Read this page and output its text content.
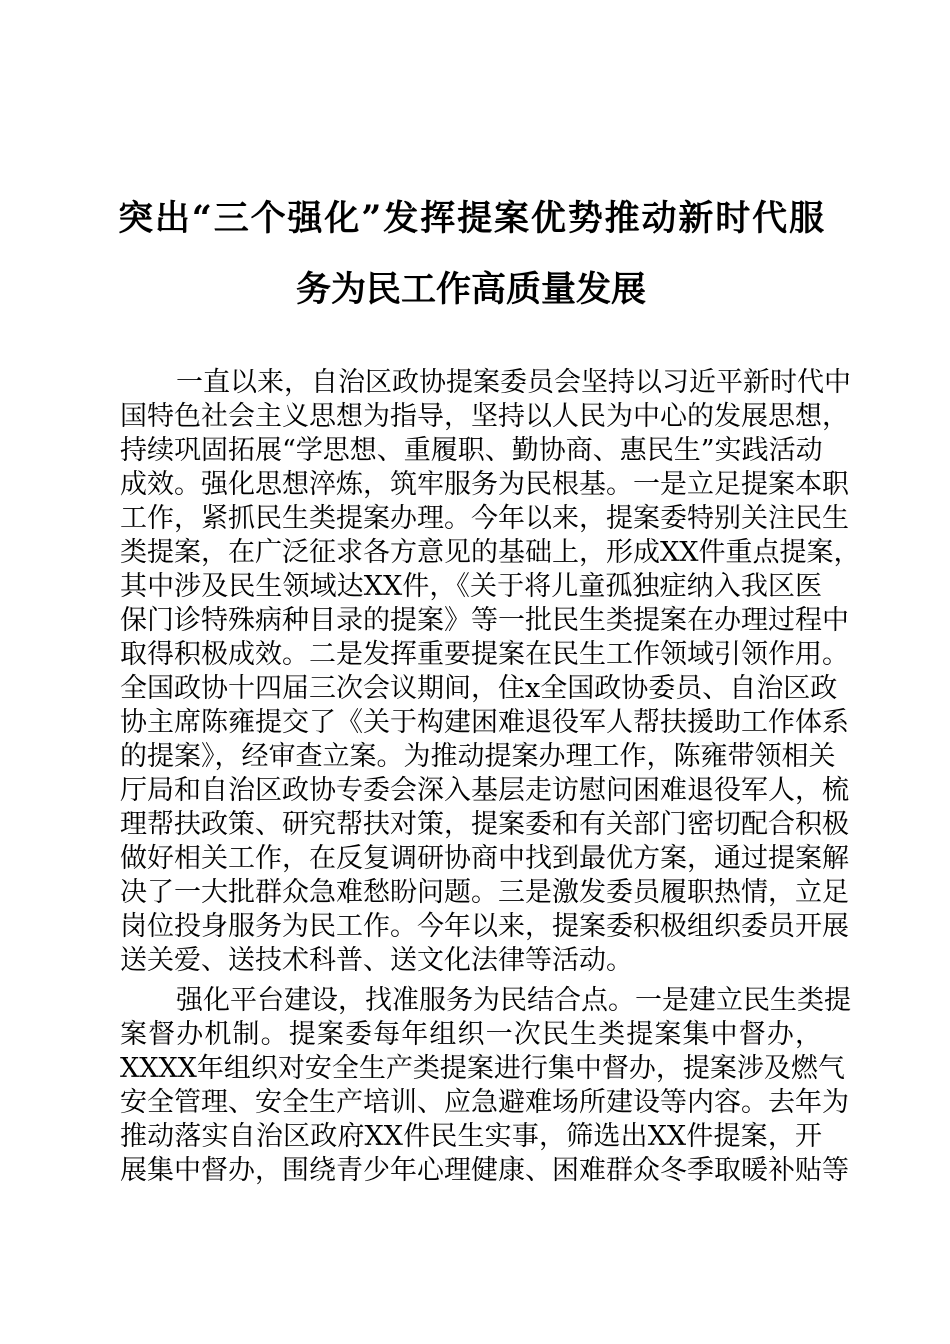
突出“三个强化”发挥提案优势推动新时代服
务为民工作高质量发展
一直以来，自治区政协提案委员会坚持以习近平新时代中
国特色社会主义思想为指导，坚持以人民为中心的发展思想，
持续巩固拓展“学思想、重履职、勤协商、惠民生”实践活动
成效。强化思想淬炼，筑牢服务为民根基。一是立足提案本职
工作，紧抓民生类提案办理。今年以来，提案委特别关注民生
类提案，在广泛征求各方意见的基础上，形成XX件重点提案，
其中涉及民生领域达XX件，《关于将儿童孤独症纳入我区医
保门诊特殊病种目录的提案》等一批民生类提案在办理过程中
取得积极成效。二是发挥重要提案在民生工作领域引领作用。
全国政协十四届三次会议期间，住x全国政协委员、自治区政
协主席陈雍提交了《关于构建困难退役军人帮扶援助工作体系
的提案》，经审查立案。为推动提案办理工作，陈雍带领相关
厅局和自治区政协专委会深入基层走访慰问困难退役军人，梳
理帮扶政策、研究帮扶对策，提案委和有关部门密切配合积极
做好相关工作，在反复调研协商中找到最优方案，通过提案解
决了一大批群众急难愁盼问题。三是激发委员履职热情，立足
岗位投身服务为民工作。今年以来，提案委积极组织委员开展
送关爱、送技术科普、送文化法律等活动。
强化平台建设，找准服务为民结合点。一是建立民生类提
案督办机制。提案委每年组织一次民生类提案集中督办，
XXXX年组织对安全生产类提案进行集中督办，提案涉及燃气
安全管理、安全生产培训、应急避难场所建设等内容。去年为
推动落实自治区政府XX件民生实事，筛选出XX件提案，开
展集中督办，围绕青少年心理健康、困难群众冬季取暖补贴等
